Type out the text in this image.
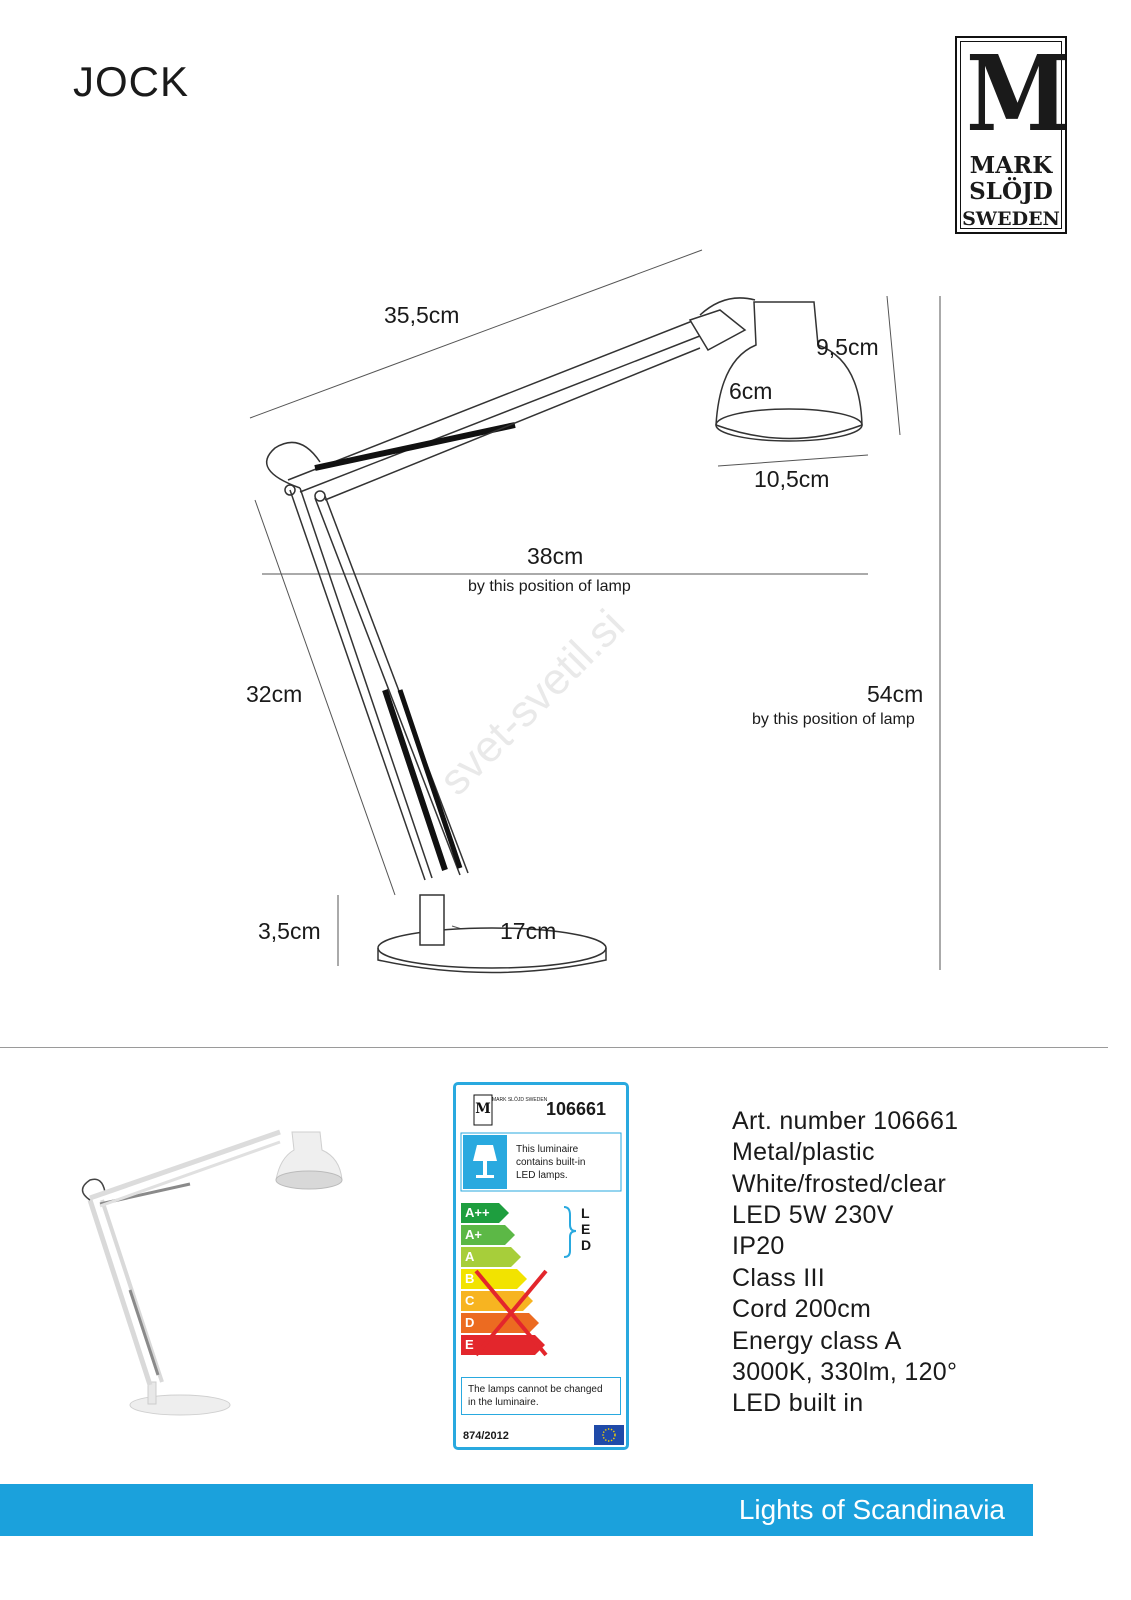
JOCK	M
MARK
SLÖJD
SWEDEN
35,5cm
9,5cm
6cm
10,5cm
38cm
by this position of lamp
32cm	54cm
by this position of lamp
3,5cm	17cm
svet-svetil.si
M
MARK SLÖJD SWEDEN
106661
This luminaire
contains built-in
LED lamps.
A++
A+
A
B
C
D
E
L
E
D
The lamps cannot be changed
in the luminaire.
874/2012
Art. number 106661
Metal/plastic
White/frosted/clear
LED 5W 230V
IP20
Class III
Cord 200cm
Energy class A
3000K, 330lm, 120°
LED built in
Lights of Scandinavia
